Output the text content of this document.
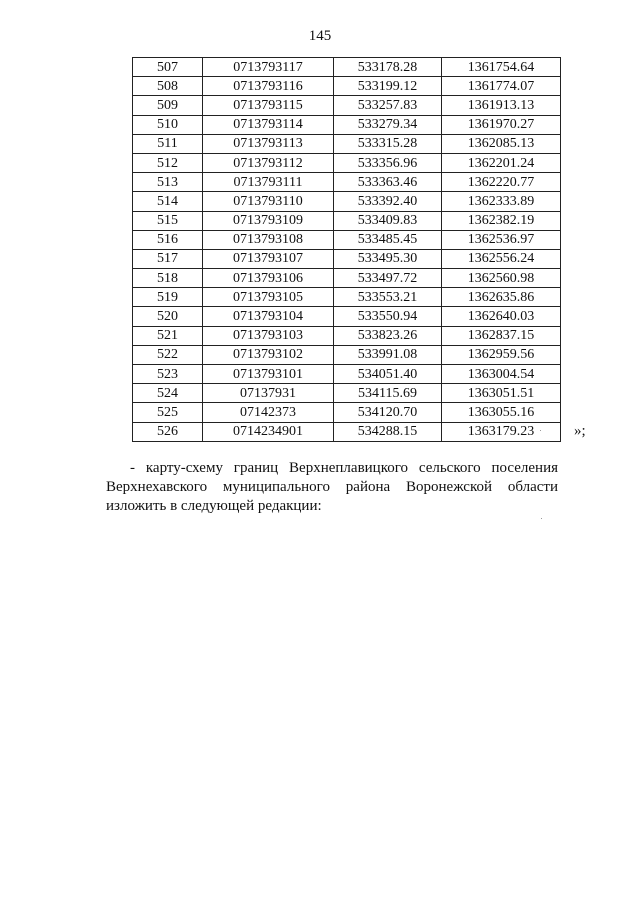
145
507	0713793117	533178.28	1361754.64
508	0713793116	533199.12	1361774.07
509	0713793115	533257.83	1361913.13
510	0713793114	533279.34	1361970.27
511	0713793113	533315.28	1362085.13
512	0713793112	533356.96	1362201.24
513	0713793111	533363.46	1362220.77
514	0713793110	533392.40	1362333.89
515	0713793109	533409.83	1362382.19
516	0713793108	533485.45	1362536.97
517	0713793107	533495.30	1362556.24
518	0713793106	533497.72	1362560.98
519	0713793105	533553.21	1362635.86
520	0713793104	533550.94	1362640.03
521	0713793103	533823.26	1362837.15
522	0713793102	533991.08	1362959.56
523	0713793101	534051.40	1363004.54
524	07137931	534115.69	1363051.51
525	07142373	534120.70	1363055.16
526	0714234901	534288.15	1363179.23	»;

- карту-схему границ Верхнеплавицкого сельского поселения Верхнехавского муниципального района Воронежской области изложить в следующей редакции:
